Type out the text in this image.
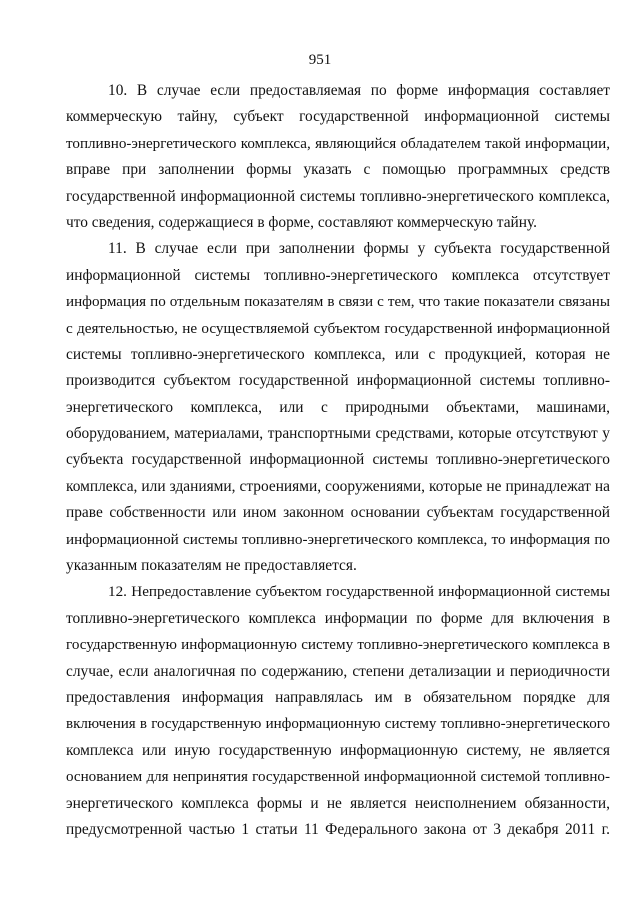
951
10. В случае если предоставляемая по форме информация составляет
коммерческую тайну, субъект государственной информационной системы
топливно-энергетического комплекса, являющийся обладателем такой информации,
вправе при заполнении формы указать с помощью программных средств
государственной информационной системы топливно-энергетического комплекса,
что сведения, содержащиеся в форме, составляют коммерческую тайну.
11. В случае если при заполнении формы у субъекта государственной
информационной системы топливно-энергетического комплекса отсутствует
информация по отдельным показателям в связи с тем, что такие показатели связаны
с деятельностью, не осуществляемой субъектом государственной информационной
системы топливно-энергетического комплекса, или с продукцией, которая не
производится субъектом государственной информационной системы топливно-
энергетического комплекса, или с природными объектами, машинами,
оборудованием, материалами, транспортными средствами, которые отсутствуют у
субъекта государственной информационной системы топливно-энергетического
комплекса, или зданиями, строениями, сооружениями, которые не принадлежат на
праве собственности или ином законном основании субъектам государственной
информационной системы топливно-энергетического комплекса, то информация по
указанным показателям не предоставляется.
12. Непредоставление субъектом государственной информационной системы
топливно-энергетического комплекса информации по форме для включения в
государственную информационную систему топливно-энергетического комплекса в
случае, если аналогичная по содержанию, степени детализации и периодичности
предоставления информация направлялась им в обязательном порядке для
включения в государственную информационную систему топливно-энергетического
комплекса или иную государственную информационную систему, не является
основанием для непринятия государственной информационной системой топливно-
энергетического комплекса формы и не является неисполнением обязанности,
предусмотренной частью 1 статьи 11 Федерального закона от 3 декабря 2011 г.
